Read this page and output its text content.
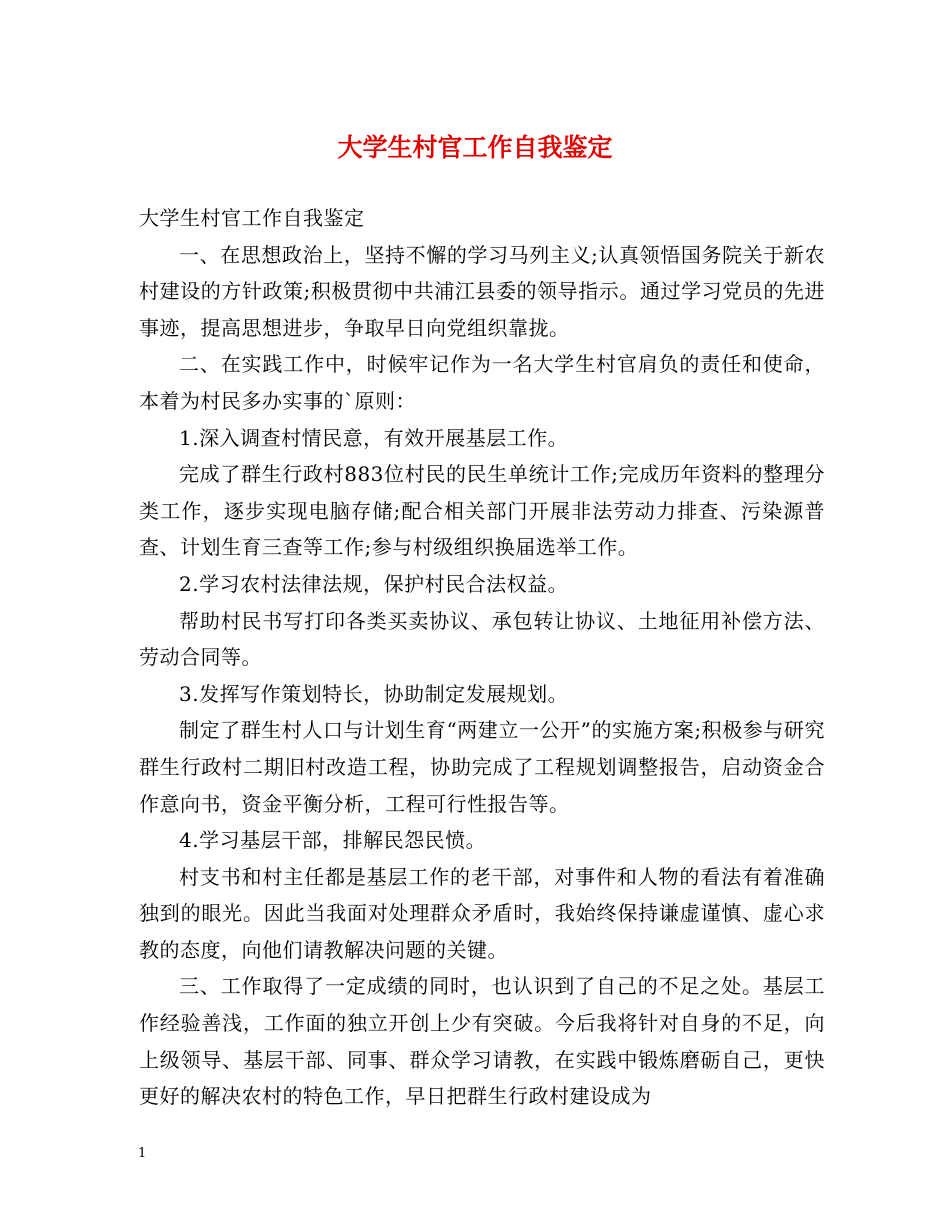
大学生村官工作自我鉴定

大学生村官工作自我鉴定

一、在思想政治上，坚持不懈的学习马列主义;认真领悟国务院关于新农村建设的方针政策;积极贯彻中共浦江县委的领导指示。通过学习党员的先进事迹，提高思想进步，争取早日向党组织靠拢。

二、在实践工作中，时候牢记作为一名大学生村官肩负的责任和使命，本着为村民多办实事的`原则：

1.深入调查村情民意，有效开展基层工作。

完成了群生行政村883位村民的民生单统计工作;完成历年资料的整理分类工作，逐步实现电脑存储;配合相关部门开展非法劳动力排查、污染源普查、计划生育三查等工作;参与村级组织换届选举工作。

2.学习农村法律法规，保护村民合法权益。

帮助村民书写打印各类买卖协议、承包转让协议、土地征用补偿方法、劳动合同等。

3.发挥写作策划特长，协助制定发展规划。

制定了群生村人口与计划生育“两建立一公开”的实施方案;积极参与研究群生行政村二期旧村改造工程，协助完成了工程规划调整报告，启动资金合作意向书，资金平衡分析，工程可行性报告等。

4.学习基层干部，排解民怨民愤。

村支书和村主任都是基层工作的老干部，对事件和人物的看法有着准确独到的眼光。因此当我面对处理群众矛盾时，我始终保持谦虚谨慎、虚心求教的态度，向他们请教解决问题的关键。

三、工作取得了一定成绩的同时，也认识到了自己的不足之处。基层工作经验善浅，工作面的独立开创上少有突破。今后我将针对自身的不足，向上级领导、基层干部、同事、群众学习请教，在实践中锻炼磨砺自己，更快更好的解决农村的特色工作，早日把群生行政村建设成为

1
